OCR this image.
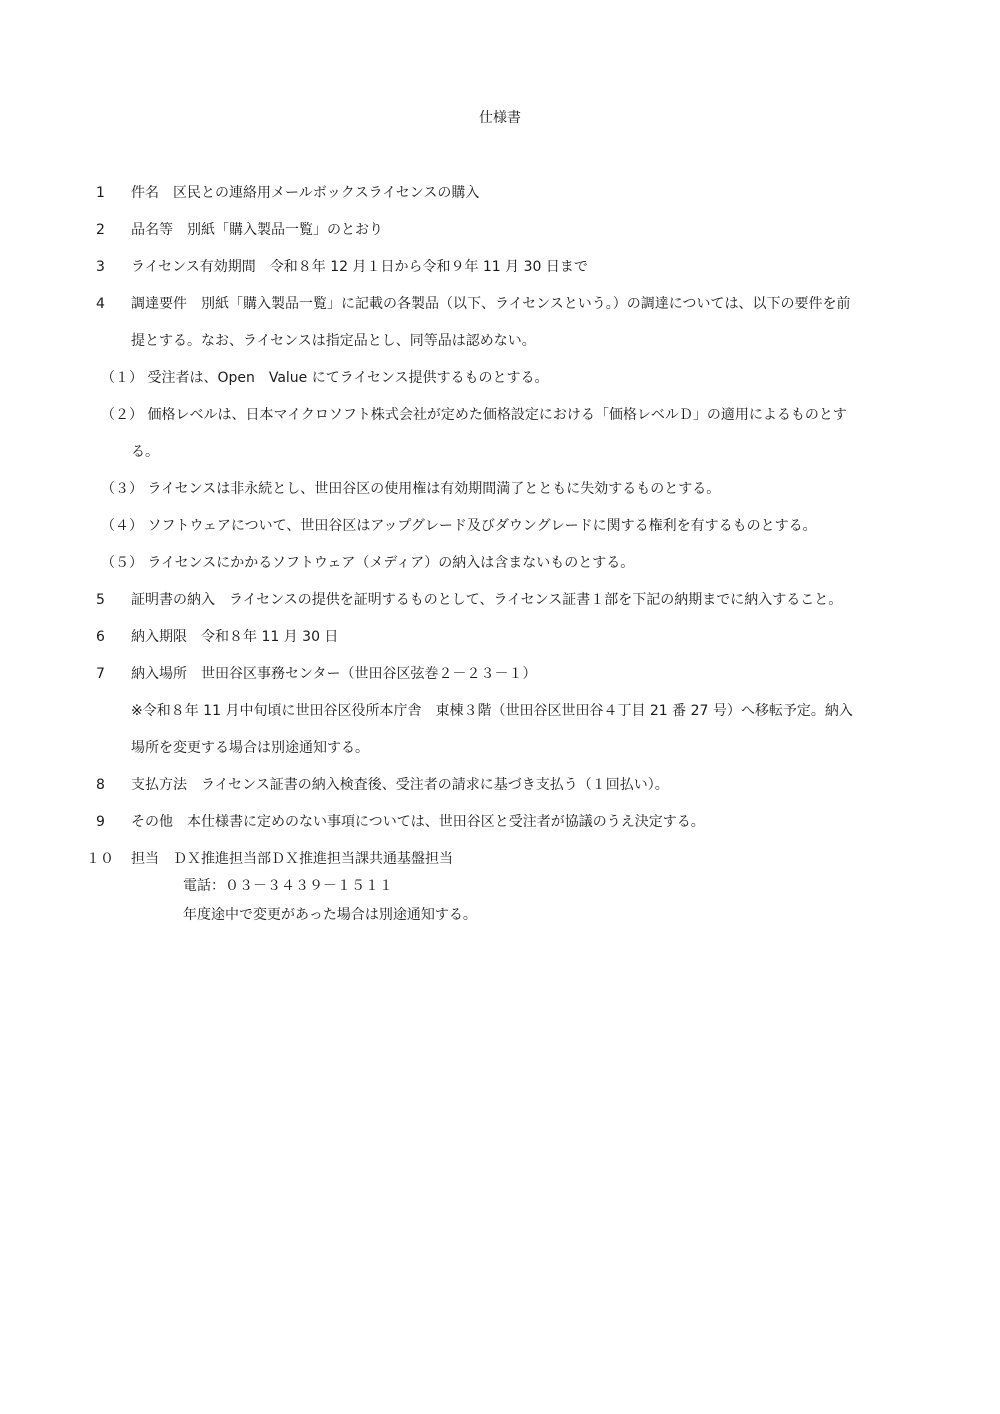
仕様書
1	件名　区民との連絡用メールボックスライセンスの購入
2	品名等　別紙「購入製品一覧」のとおり
3	ライセンス有効期間　令和８年 12 月１日から令和９年 11 月 30 日まで
4	調達要件　別紙「購入製品一覧」に記載の各製品（以下、ライセンスという。）の調達については、以下の要件を前
提とする。なお、ライセンスは指定品とし、同等品は認めない。
（１） 受注者は、Open　Value にてライセンス提供するものとする。
（２） 価格レベルは、日本マイクロソフト株式会社が定めた価格設定における「価格レベルＤ」の適用によるものとす
る。
（３） ライセンスは非永続とし、世田谷区の使用権は有効期間満了とともに失効するものとする。
（４） ソフトウェアについて、世田谷区はアップグレード及びダウングレードに関する権利を有するものとする。
（５） ライセンスにかかるソフトウェア（メディア）の納入は含まないものとする。
5	証明書の納入　ライセンスの提供を証明するものとして、ライセンス証書１部を下記の納期までに納入すること。
6	納入期限　令和８年 11 月 30 日
7	納入場所　世田谷区事務センター（世田谷区弦巻２－２３－１）
※令和８年 11 月中旬頃に世田谷区役所本庁舎　東棟３階（世田谷区世田谷４丁目 21 番 27 号）へ移転予定。納入
場所を変更する場合は別途通知する。
8	支払方法　ライセンス証書の納入検査後、受注者の請求に基づき支払う（１回払い）。
9	その他　本仕様書に定めのない事項については、世田谷区と受注者が協議のうえ決定する。
１０	担当　ＤＸ推進担当部ＤＸ推進担当課共通基盤担当
電話：０３－３４３９－１５１１
年度途中で変更があった場合は別途通知する。
